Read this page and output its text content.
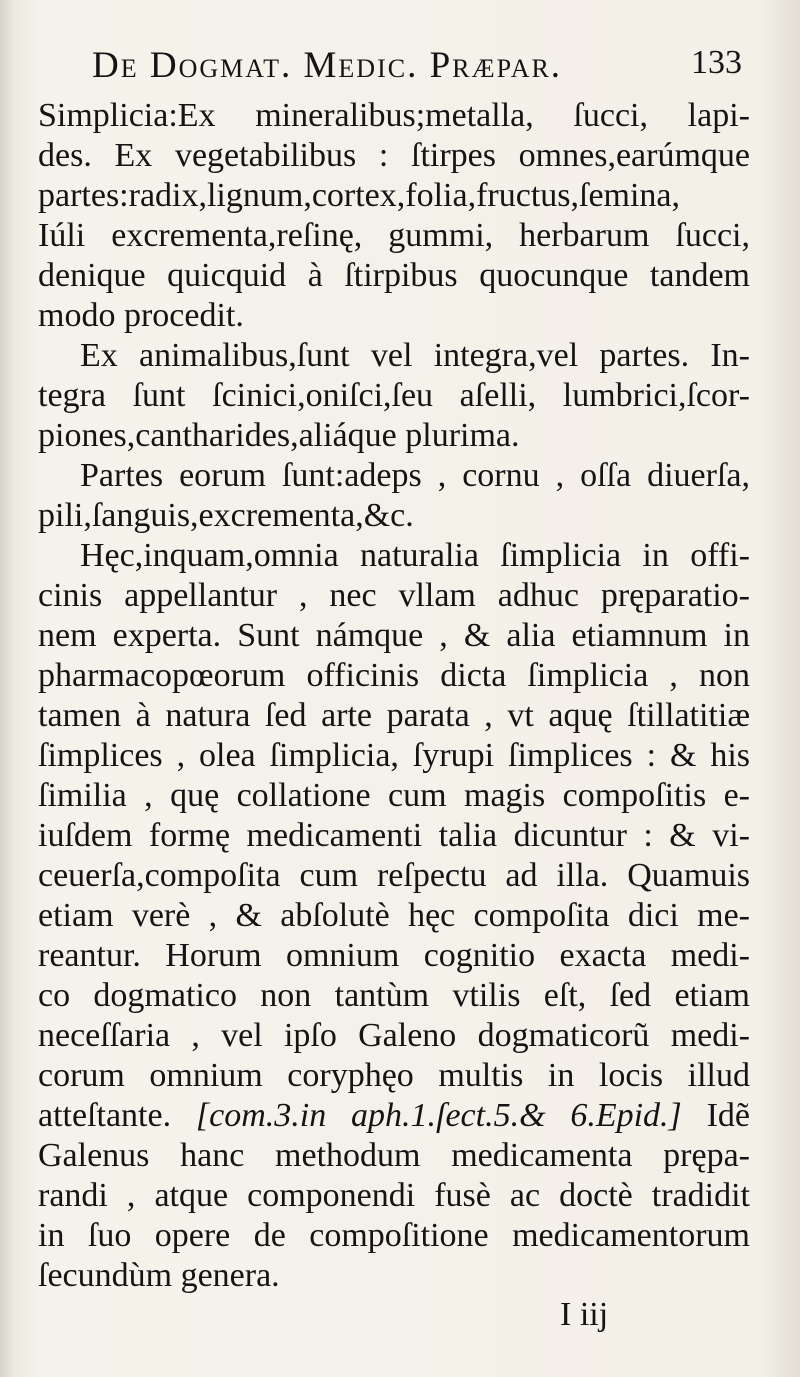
De Dogmat. Medic. Præpar.	133
Simplicia:Ex mineralibus;metalla, ſucci, lapi-
des. Ex vegetabilibus : ſtirpes omnes,earúmque
partes:radix,lignum,cortex,folia,fructus,ſemina,
Iúli excrementa,reſinę, gummi, herbarum ſucci,
denique quicquid à ſtirpibus quocunque tandem
modo procedit.
Ex animalibus,ſunt vel integra,vel partes. In-
tegra ſunt ſcinici,oniſci,ſeu aſelli, lumbrici,ſcor-
piones,cantharides,aliáque plurima.
Partes eorum ſunt:adeps , cornu , oſſa diuerſa,
pili,ſanguis,excrementa,&c.
Hęc,inquam,omnia naturalia ſimplicia in offi-
cinis appellantur , nec vllam adhuc pręparatio-
nem experta. Sunt námque , & alia etiamnum in
pharmacopœorum officinis dicta ſimplicia , non
tamen à natura ſed arte parata , vt aquę ſtillatitiæ
ſimplices , olea ſimplicia, ſyrupi ſimplices : & his
ſimilia , quę collatione cum magis compoſitis e-
iuſdem formę medicamenti talia dicuntur : & vi-
ceuerſa,compoſita cum reſpectu ad illa. Quamuis
etiam verè , & abſolutè hęc compoſita dici me-
reantur. Horum omnium cognitio exacta medi-
co dogmatico non tantùm vtilis eſt, ſed etiam
neceſſaria , vel ipſo Galeno dogmaticorũ medi-
corum omnium coryphęo multis in locis illud
atteſtante. [com.3.in aph.1.ſect.5.& 6.Epid.] Idẽ
Galenus hanc methodum medicamenta prępa-
randi , atque componendi fusè ac doctè tradidit
in ſuo opere de compoſitione medicamentorum
ſecundùm genera.
I iij
